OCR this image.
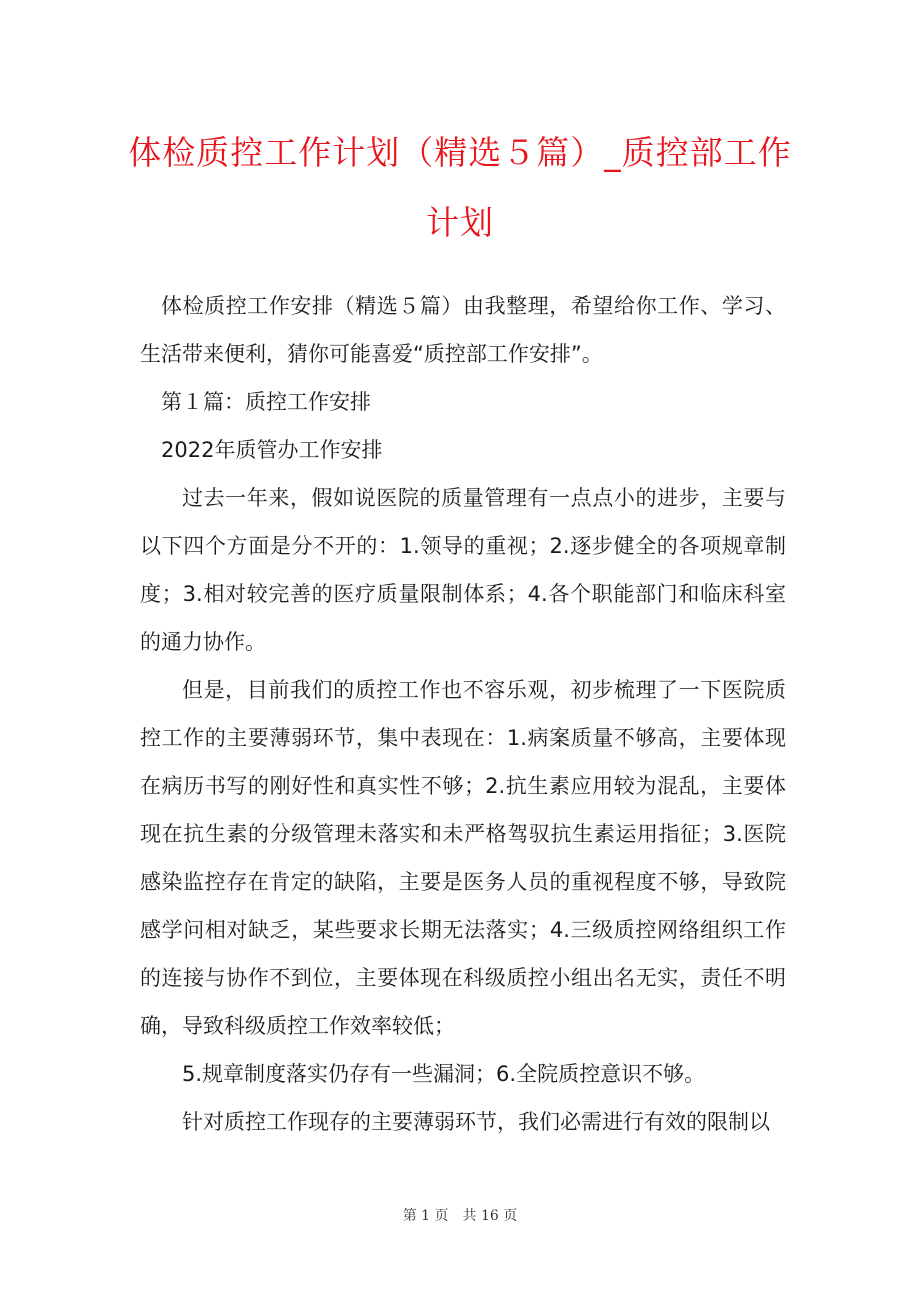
体检质控工作计划（精选５篇）_质控部工作计划

体检质控工作安排（精选５篇）由我整理，希望给你工作、学习、生活带来便利，猜你可能喜爱“质控部工作安排”。

第１篇：质控工作安排

2022年质管办工作安排

过去一年来，假如说医院的质量管理有一点点小的进步，主要与以下四个方面是分不开的：1.领导的重视；2.逐步健全的各项规章制度；3.相对较完善的医疗质量限制体系；4.各个职能部门和临床科室的通力协作。

但是，目前我们的质控工作也不容乐观，初步梳理了一下医院质控工作的主要薄弱环节，集中表现在：1.病案质量不够高，主要体现在病历书写的刚好性和真实性不够；2.抗生素应用较为混乱，主要体现在抗生素的分级管理未落实和未严格驾驭抗生素运用指征；3.医院感染监控存在肯定的缺陷，主要是医务人员的重视程度不够，导致院感学问相对缺乏，某些要求长期无法落实；4.三级质控网络组织工作的连接与协作不到位，主要体现在科级质控小组出名无实，责任不明确，导致科级质控工作效率较低；

5.规章制度落实仍存有一些漏洞；6.全院质控意识不够。

针对质控工作现存的主要薄弱环节，我们必需进行有效的限制以

第 1 页 共 16 页
